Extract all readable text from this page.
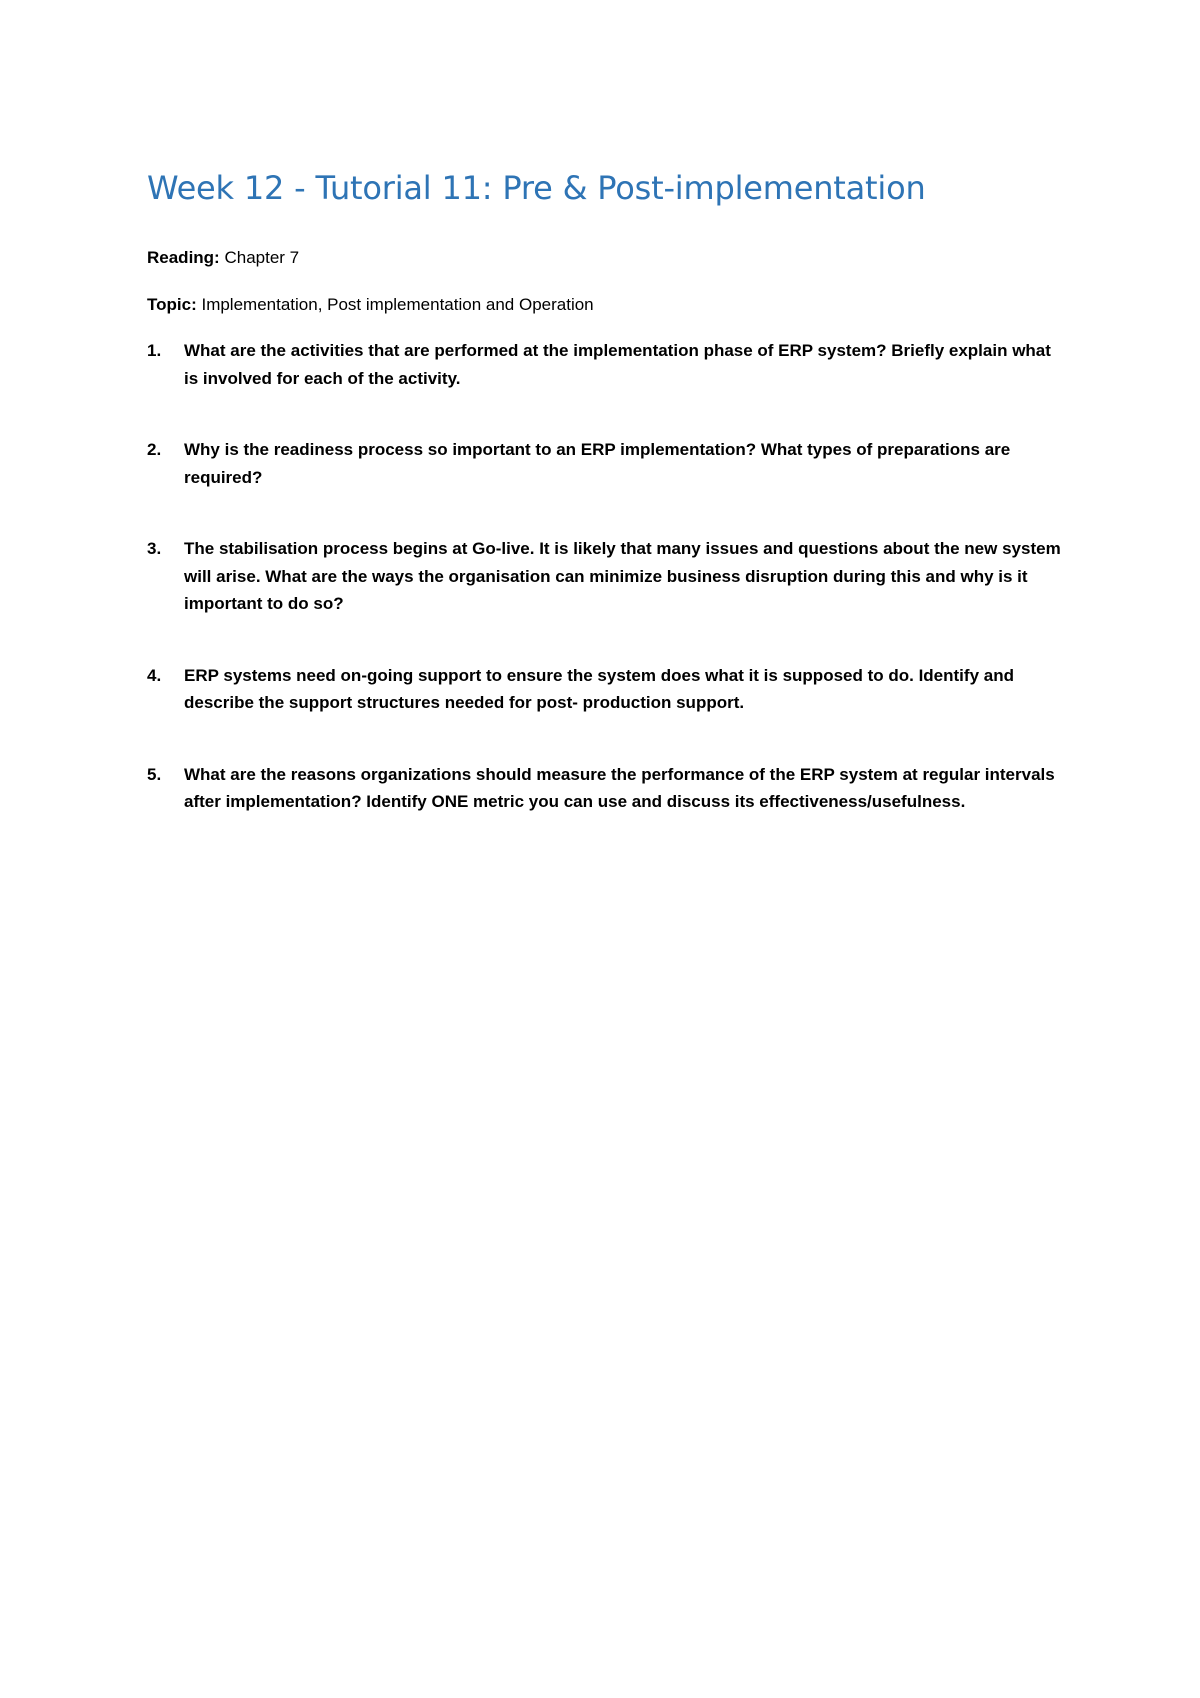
Week 12 - Tutorial 11: Pre & Post-implementation

Reading: Chapter 7

Topic: Implementation, Post implementation and Operation

1. What are the activities that are performed at the implementation phase of ERP system? Briefly explain what is involved for each of the activity.
2. Why is the readiness process so important to an ERP implementation? What types of preparations are required?
3. The stabilisation process begins at Go-live. It is likely that many issues and questions about the new system will arise. What are the ways the organisation can minimize business disruption during this and why is it important to do so?
4. ERP systems need on-going support to ensure the system does what it is supposed to do. Identify and describe the support structures needed for post- production support.
5. What are the reasons organizations should measure the performance of the ERP system at regular intervals after implementation? Identify ONE metric you can use and discuss its effectiveness/usefulness.
